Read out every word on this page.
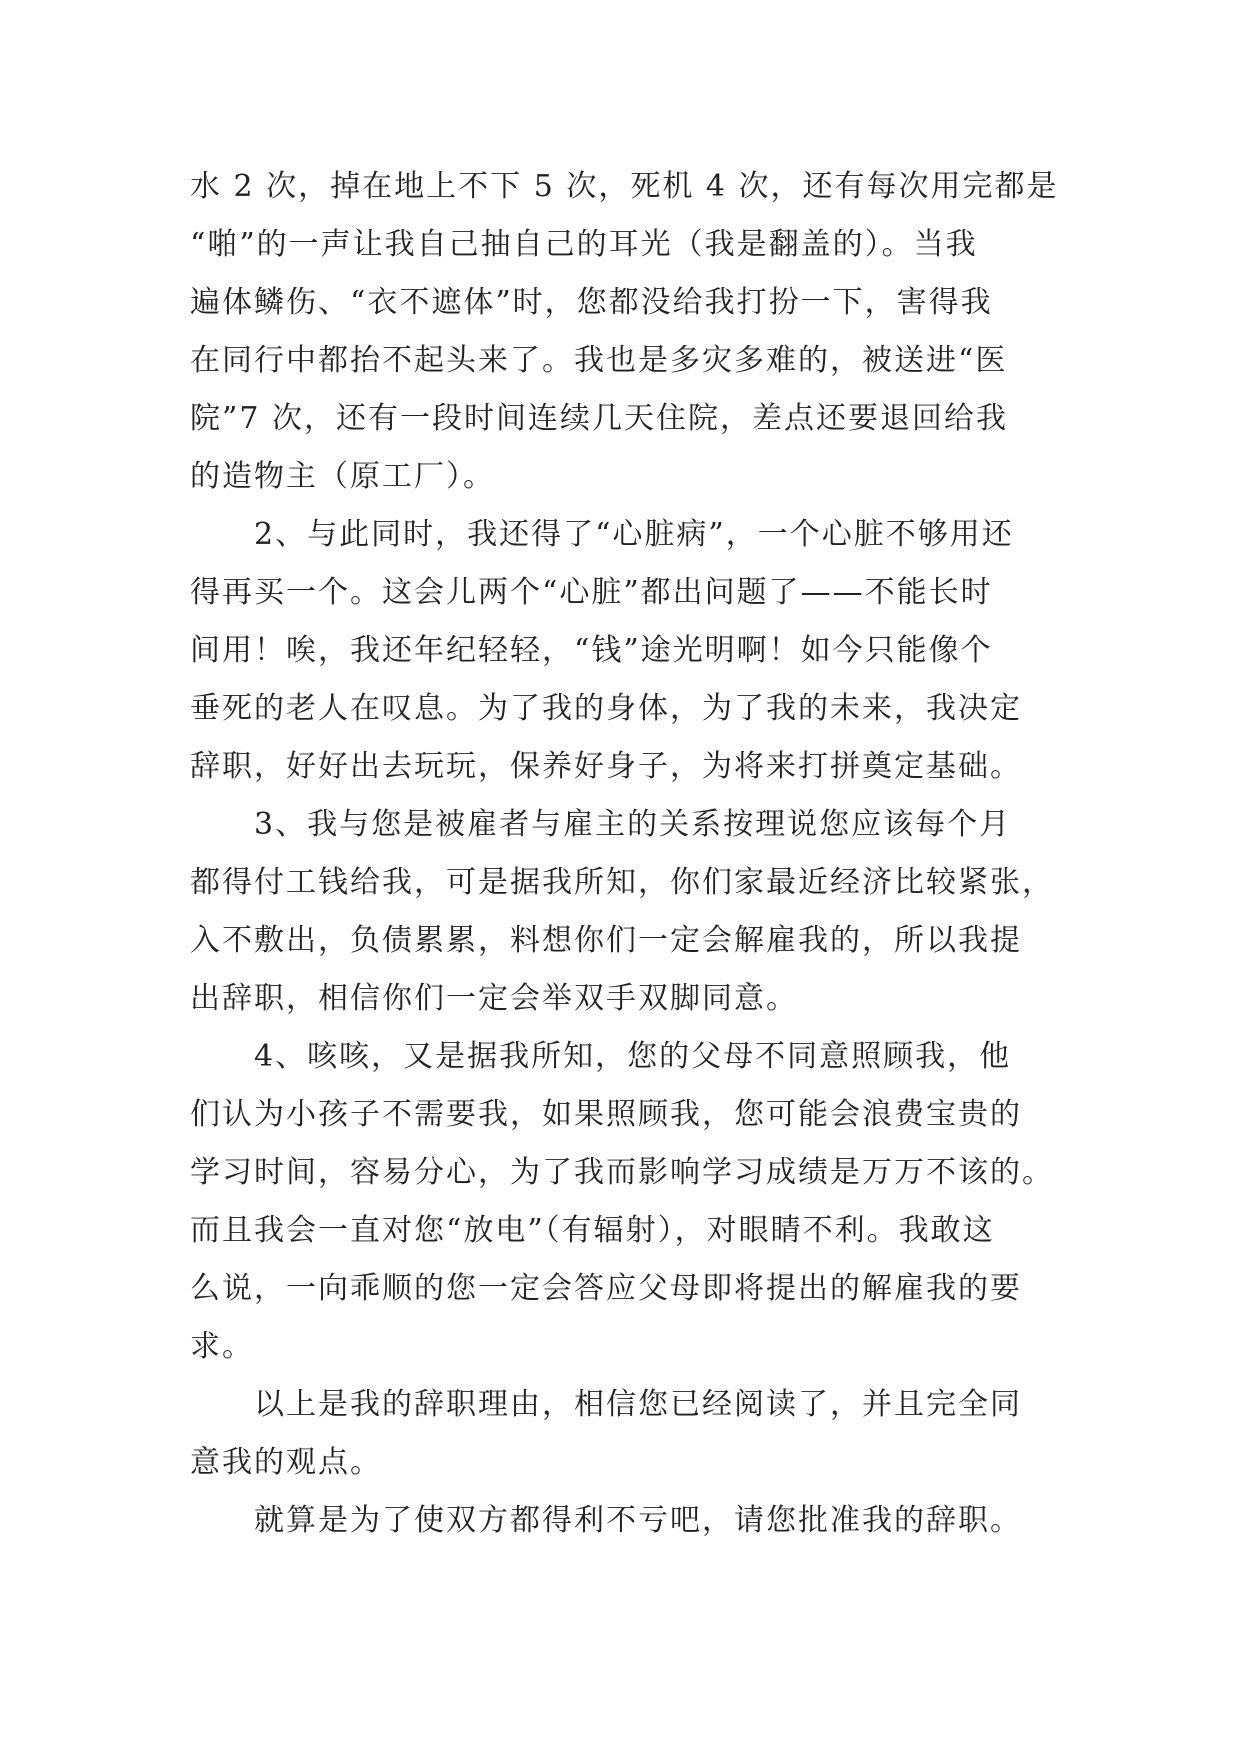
水 2 次，掉在地上不下 5 次，死机 4 次，还有每次用完都是
“啪”的一声让我自己抽自己的耳光（我是翻盖的）。当我
遍体鳞伤、“衣不遮体”时，您都没给我打扮一下，害得我
在同行中都抬不起头来了。我也是多灾多难的，被送进“医
院”7 次，还有一段时间连续几天住院，差点还要退回给我
的造物主（原工厂）。

2、与此同时，我还得了“心脏病”，一个心脏不够用还
得再买一个。这会儿两个“心脏”都出问题了——不能长时
间用！唉，我还年纪轻轻，“钱”途光明啊！如今只能像个
垂死的老人在叹息。为了我的身体，为了我的未来，我决定
辞职，好好出去玩玩，保养好身子，为将来打拼奠定基础。

3、我与您是被雇者与雇主的关系按理说您应该每个月
都得付工钱给我，可是据我所知，你们家最近经济比较紧张，
入不敷出，负债累累，料想你们一定会解雇我的，所以我提
出辞职，相信你们一定会举双手双脚同意。

4、咳咳，又是据我所知，您的父母不同意照顾我，他
们认为小孩子不需要我，如果照顾我，您可能会浪费宝贵的
学习时间，容易分心，为了我而影响学习成绩是万万不该的。
而且我会一直对您“放电”（有辐射），对眼睛不利。我敢这
么说，一向乖顺的您一定会答应父母即将提出的解雇我的要
求。

以上是我的辞职理由，相信您已经阅读了，并且完全同
意我的观点。

就算是为了使双方都得利不亏吧，请您批准我的辞职。
